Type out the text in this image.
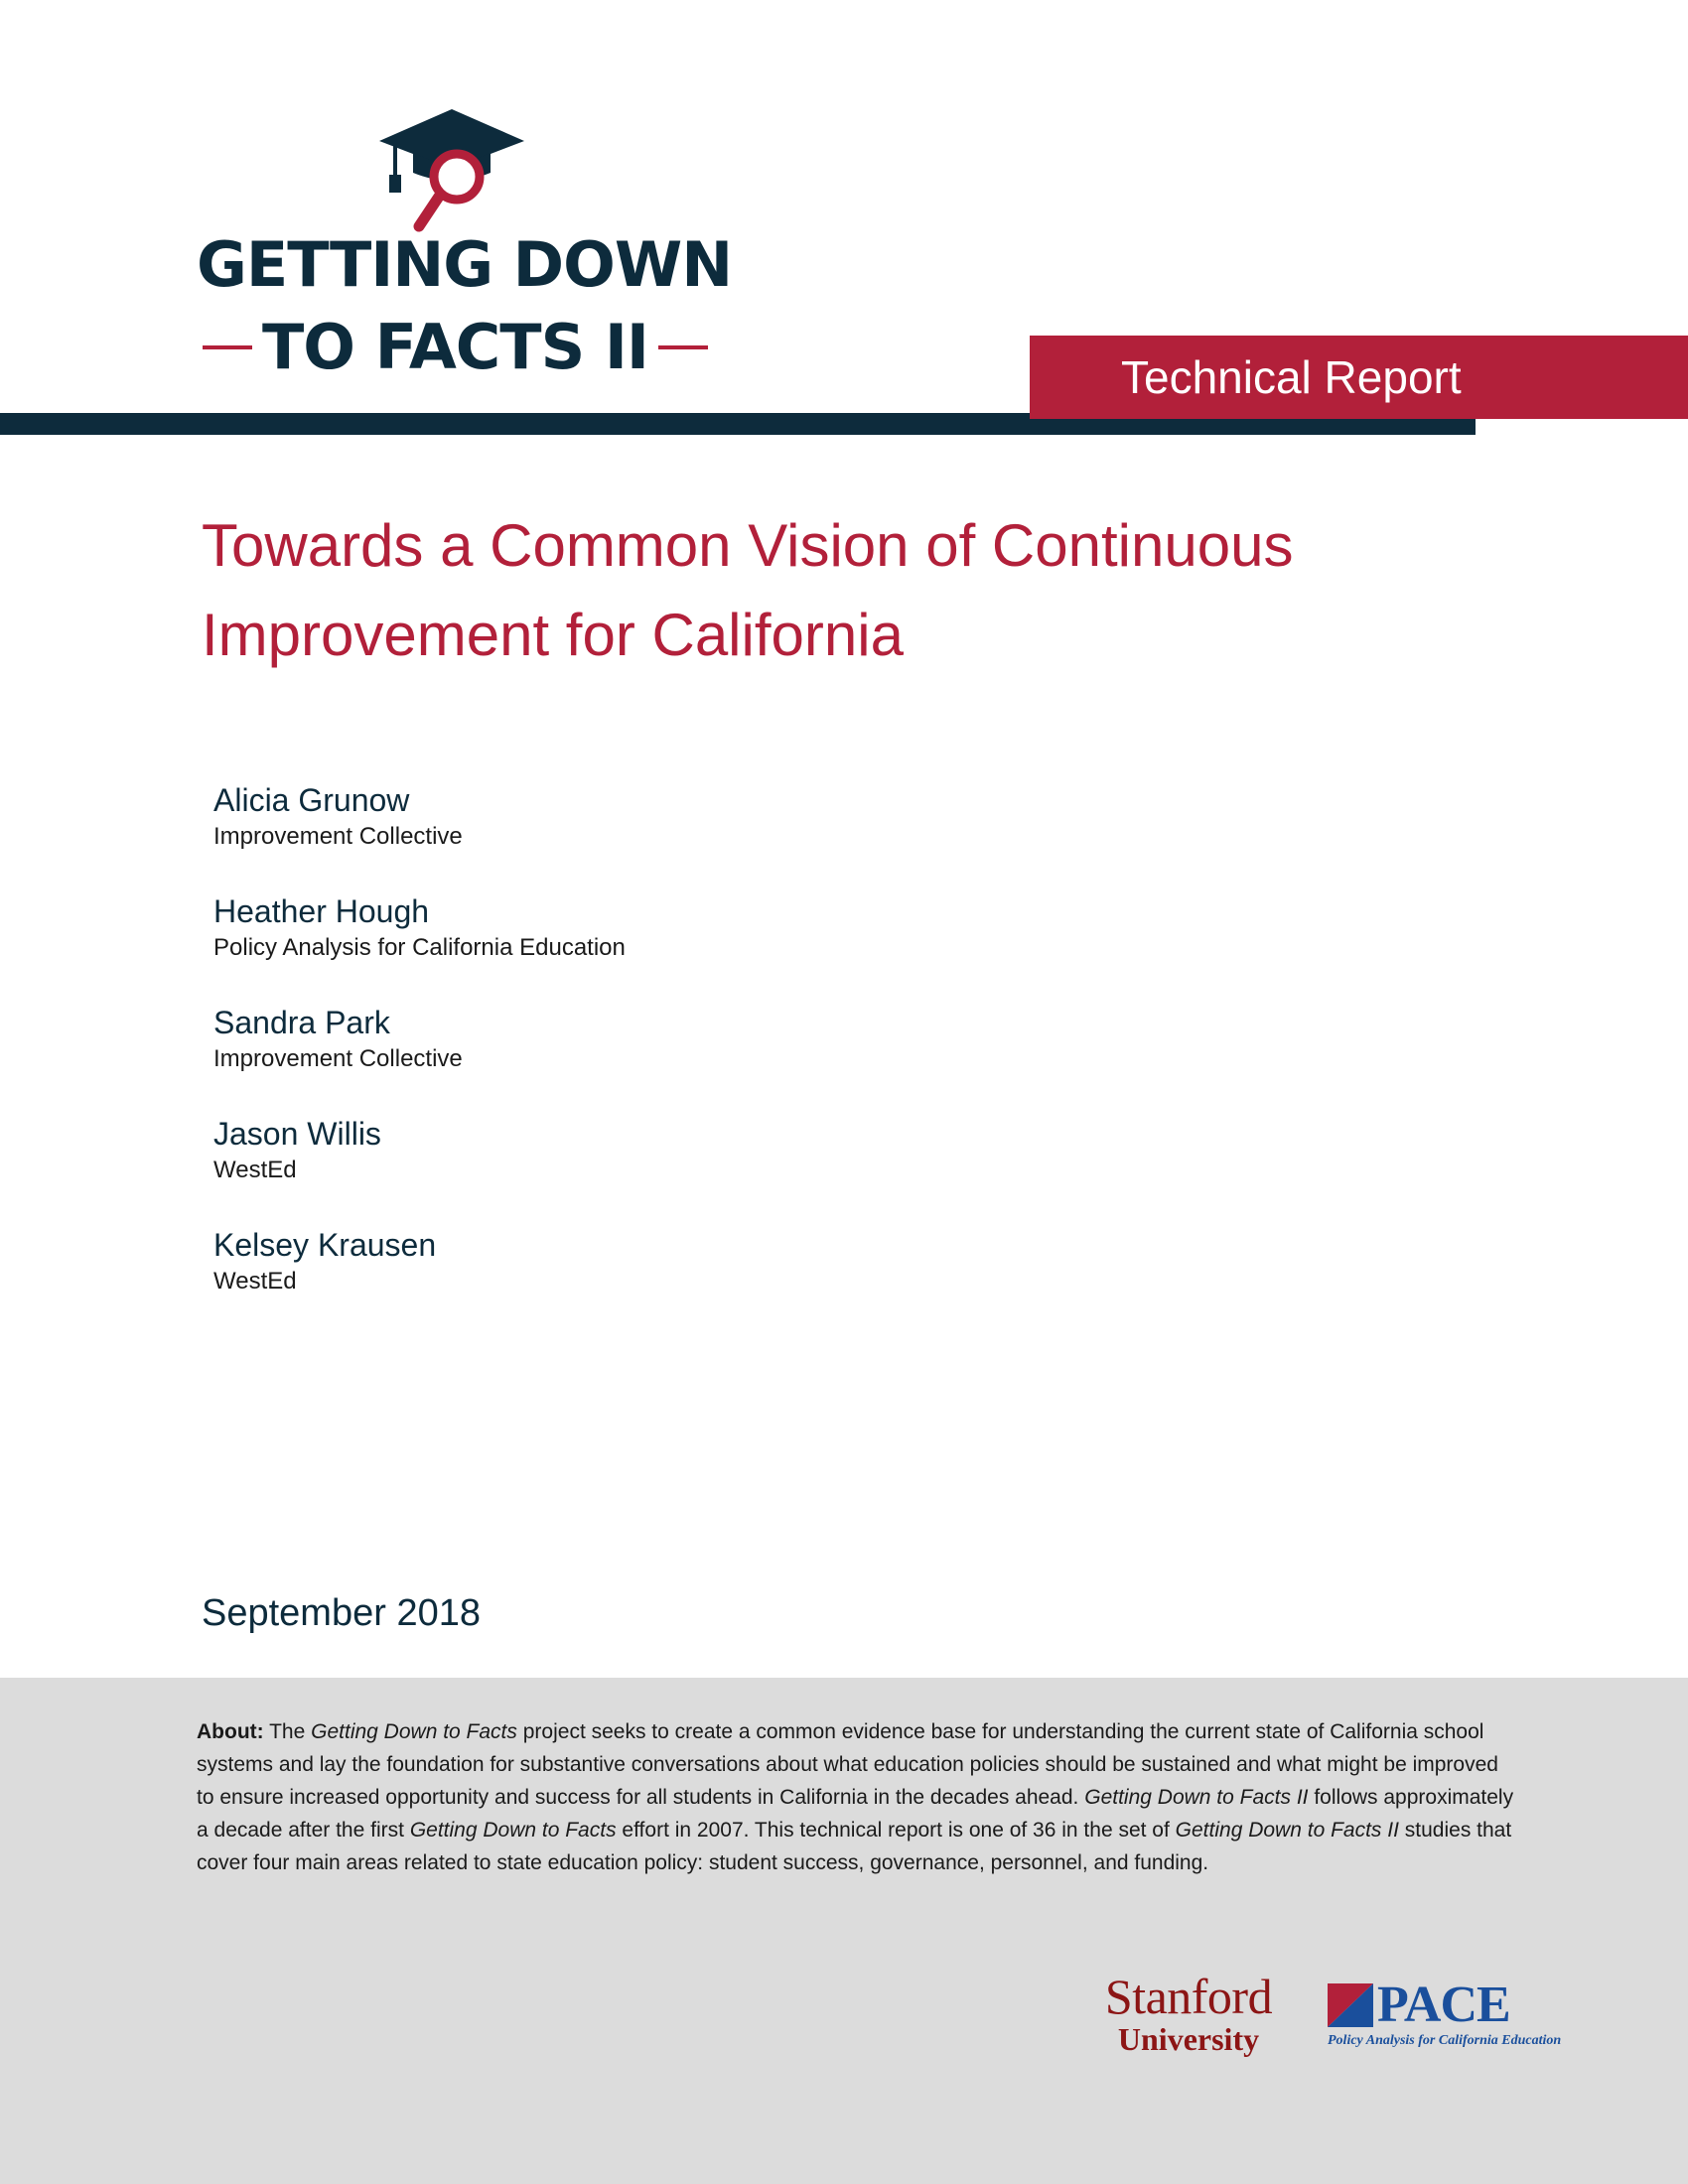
GETTING DOWN
TO FACTS II	Technical Report
Towards a Common Vision of Continuous
Improvement for California
Alicia Grunow
Improvement Collective
Heather Hough
Policy Analysis for California Education
Sandra Park
Improvement Collective
Jason Willis
WestEd
Kelsey Krausen
WestEd
September 2018

About: The Getting Down to Facts project seeks to create a common evidence base for understanding the current state of California school systems and lay the foundation for substantive conversations about what education policies should be sustained and what might be improved to ensure increased opportunity and success for all students in California in the decades ahead. Getting Down to Facts II follows approximately a decade after the first Getting Down to Facts effort in 2007. This technical report is one of 36 in the set of Getting Down to Facts II studies that cover four main areas related to state education policy: student success, governance, personnel, and funding.

Stanford
University
PACE
Policy Analysis for California Education
